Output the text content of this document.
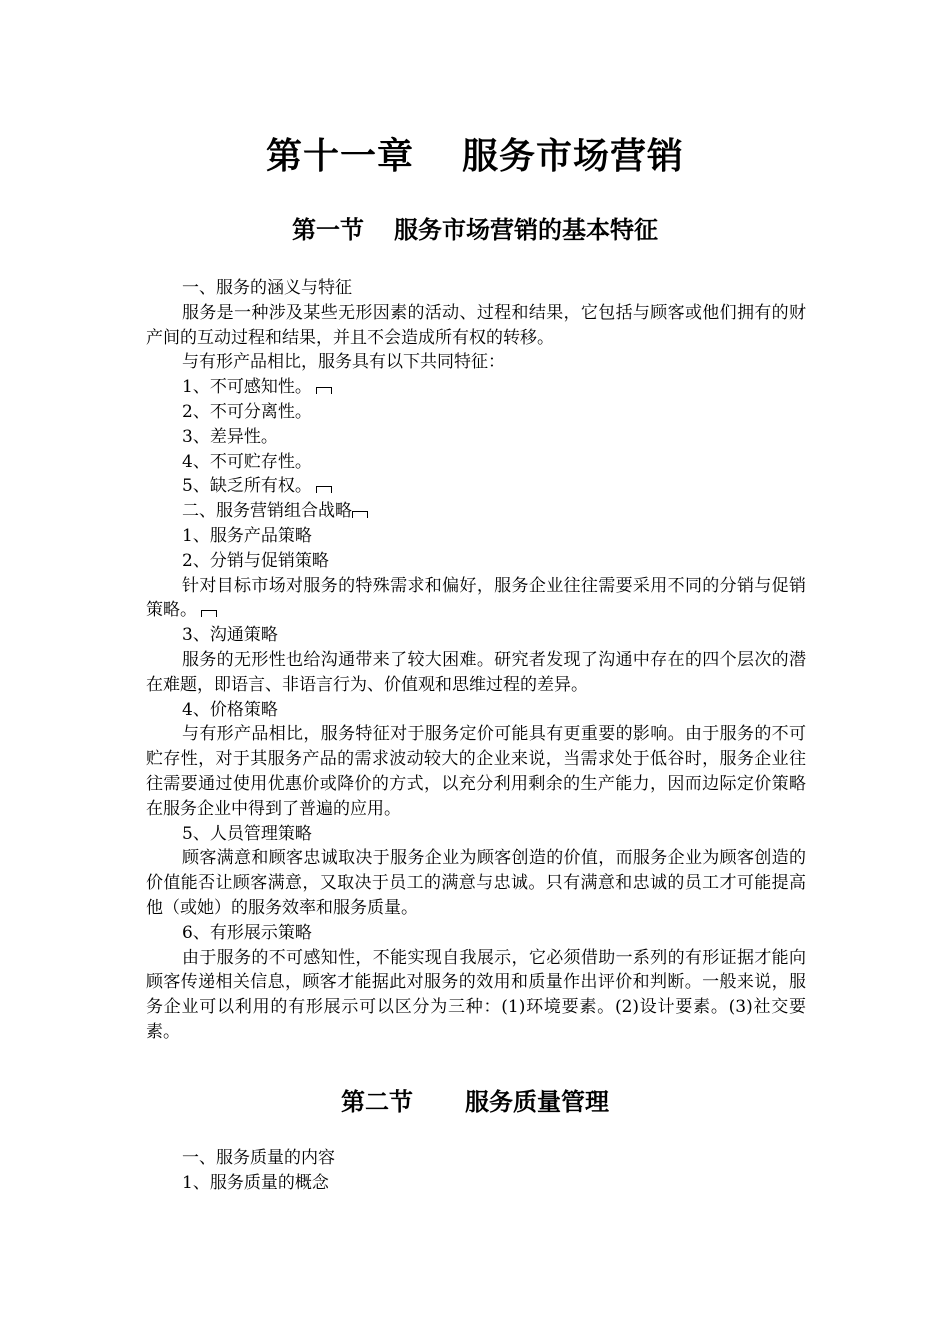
第十一章 服务市场营销
第一节 服务市场营销的基本特征

一、服务的涵义与特征

服务是一种涉及某些无形因素的活动、过程和结果，它包括与顾客或他们拥有的财产间的互动过程和结果，并且不会造成所有权的转移。

与有形产品相比，服务具有以下共同特征：

1、不可感知性。

2、不可分离性。

3、差异性。

4、不可贮存性。

5、缺乏所有权。

二、服务营销组合战略

1、服务产品策略

2、分销与促销策略

针对目标市场对服务的特殊需求和偏好，服务企业往往需要采用不同的分销与促销策略。

3、沟通策略

服务的无形性也给沟通带来了较大困难。研究者发现了沟通中存在的四个层次的潜在难题，即语言、非语言行为、价值观和思维过程的差异。

4、价格策略

与有形产品相比，服务特征对于服务定价可能具有更重要的影响。由于服务的不可贮存性，对于其服务产品的需求波动较大的企业来说，当需求处于低谷时，服务企业往往需要通过使用优惠价或降价的方式，以充分利用剩余的生产能力，因而边际定价策略在服务企业中得到了普遍的应用。

5、人员管理策略

顾客满意和顾客忠诚取决于服务企业为顾客创造的价值，而服务企业为顾客创造的价值能否让顾客满意，又取决于员工的满意与忠诚。只有满意和忠诚的员工才可能提高他（或她）的服务效率和服务质量。

6、有形展示策略

由于服务的不可感知性，不能实现自我展示，它必须借助一系列的有形证据才能向顾客传递相关信息，顾客才能据此对服务的效用和质量作出评价和判断。一般来说，服务企业可以利用的有形展示可以区分为三种：(1)环境要素。(2)设计要素。(3)社交要素。

第二节 服务质量管理

一、服务质量的内容

1、服务质量的概念
